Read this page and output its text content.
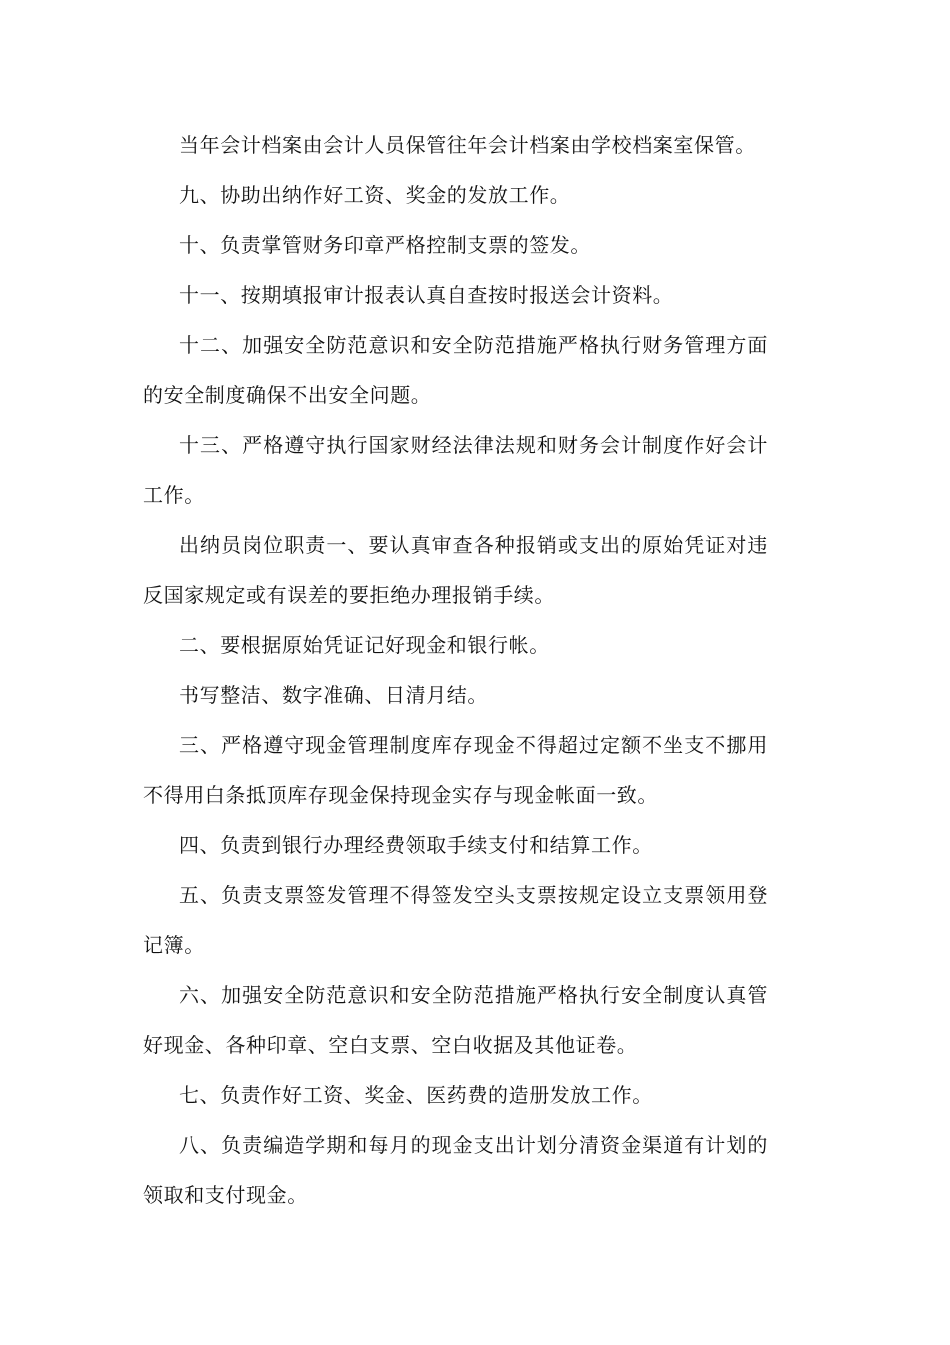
当年会计档案由会计人员保管往年会计档案由学校档案室保管。

九、协助出纳作好工资、奖金的发放工作。

十、负责掌管财务印章严格控制支票的签发。

十一、按期填报审计报表认真自查按时报送会计资料。

十二、加强安全防范意识和安全防范措施严格执行财务管理方面的安全制度确保不出安全问题。

十三、严格遵守执行国家财经法律法规和财务会计制度作好会计工作。

出纳员岗位职责一、要认真审查各种报销或支出的原始凭证对违反国家规定或有误差的要拒绝办理报销手续。

二、要根据原始凭证记好现金和银行帐。

书写整洁、数字准确、日清月结。

三、严格遵守现金管理制度库存现金不得超过定额不坐支不挪用不得用白条抵顶库存现金保持现金实存与现金帐面一致。

四、负责到银行办理经费领取手续支付和结算工作。

五、负责支票签发管理不得签发空头支票按规定设立支票领用登记簿。

六、加强安全防范意识和安全防范措施严格执行安全制度认真管好现金、各种印章、空白支票、空白收据及其他证卷。

七、负责作好工资、奖金、医药费的造册发放工作。

八、负责编造学期和每月的现金支出计划分清资金渠道有计划的领取和支付现金。
